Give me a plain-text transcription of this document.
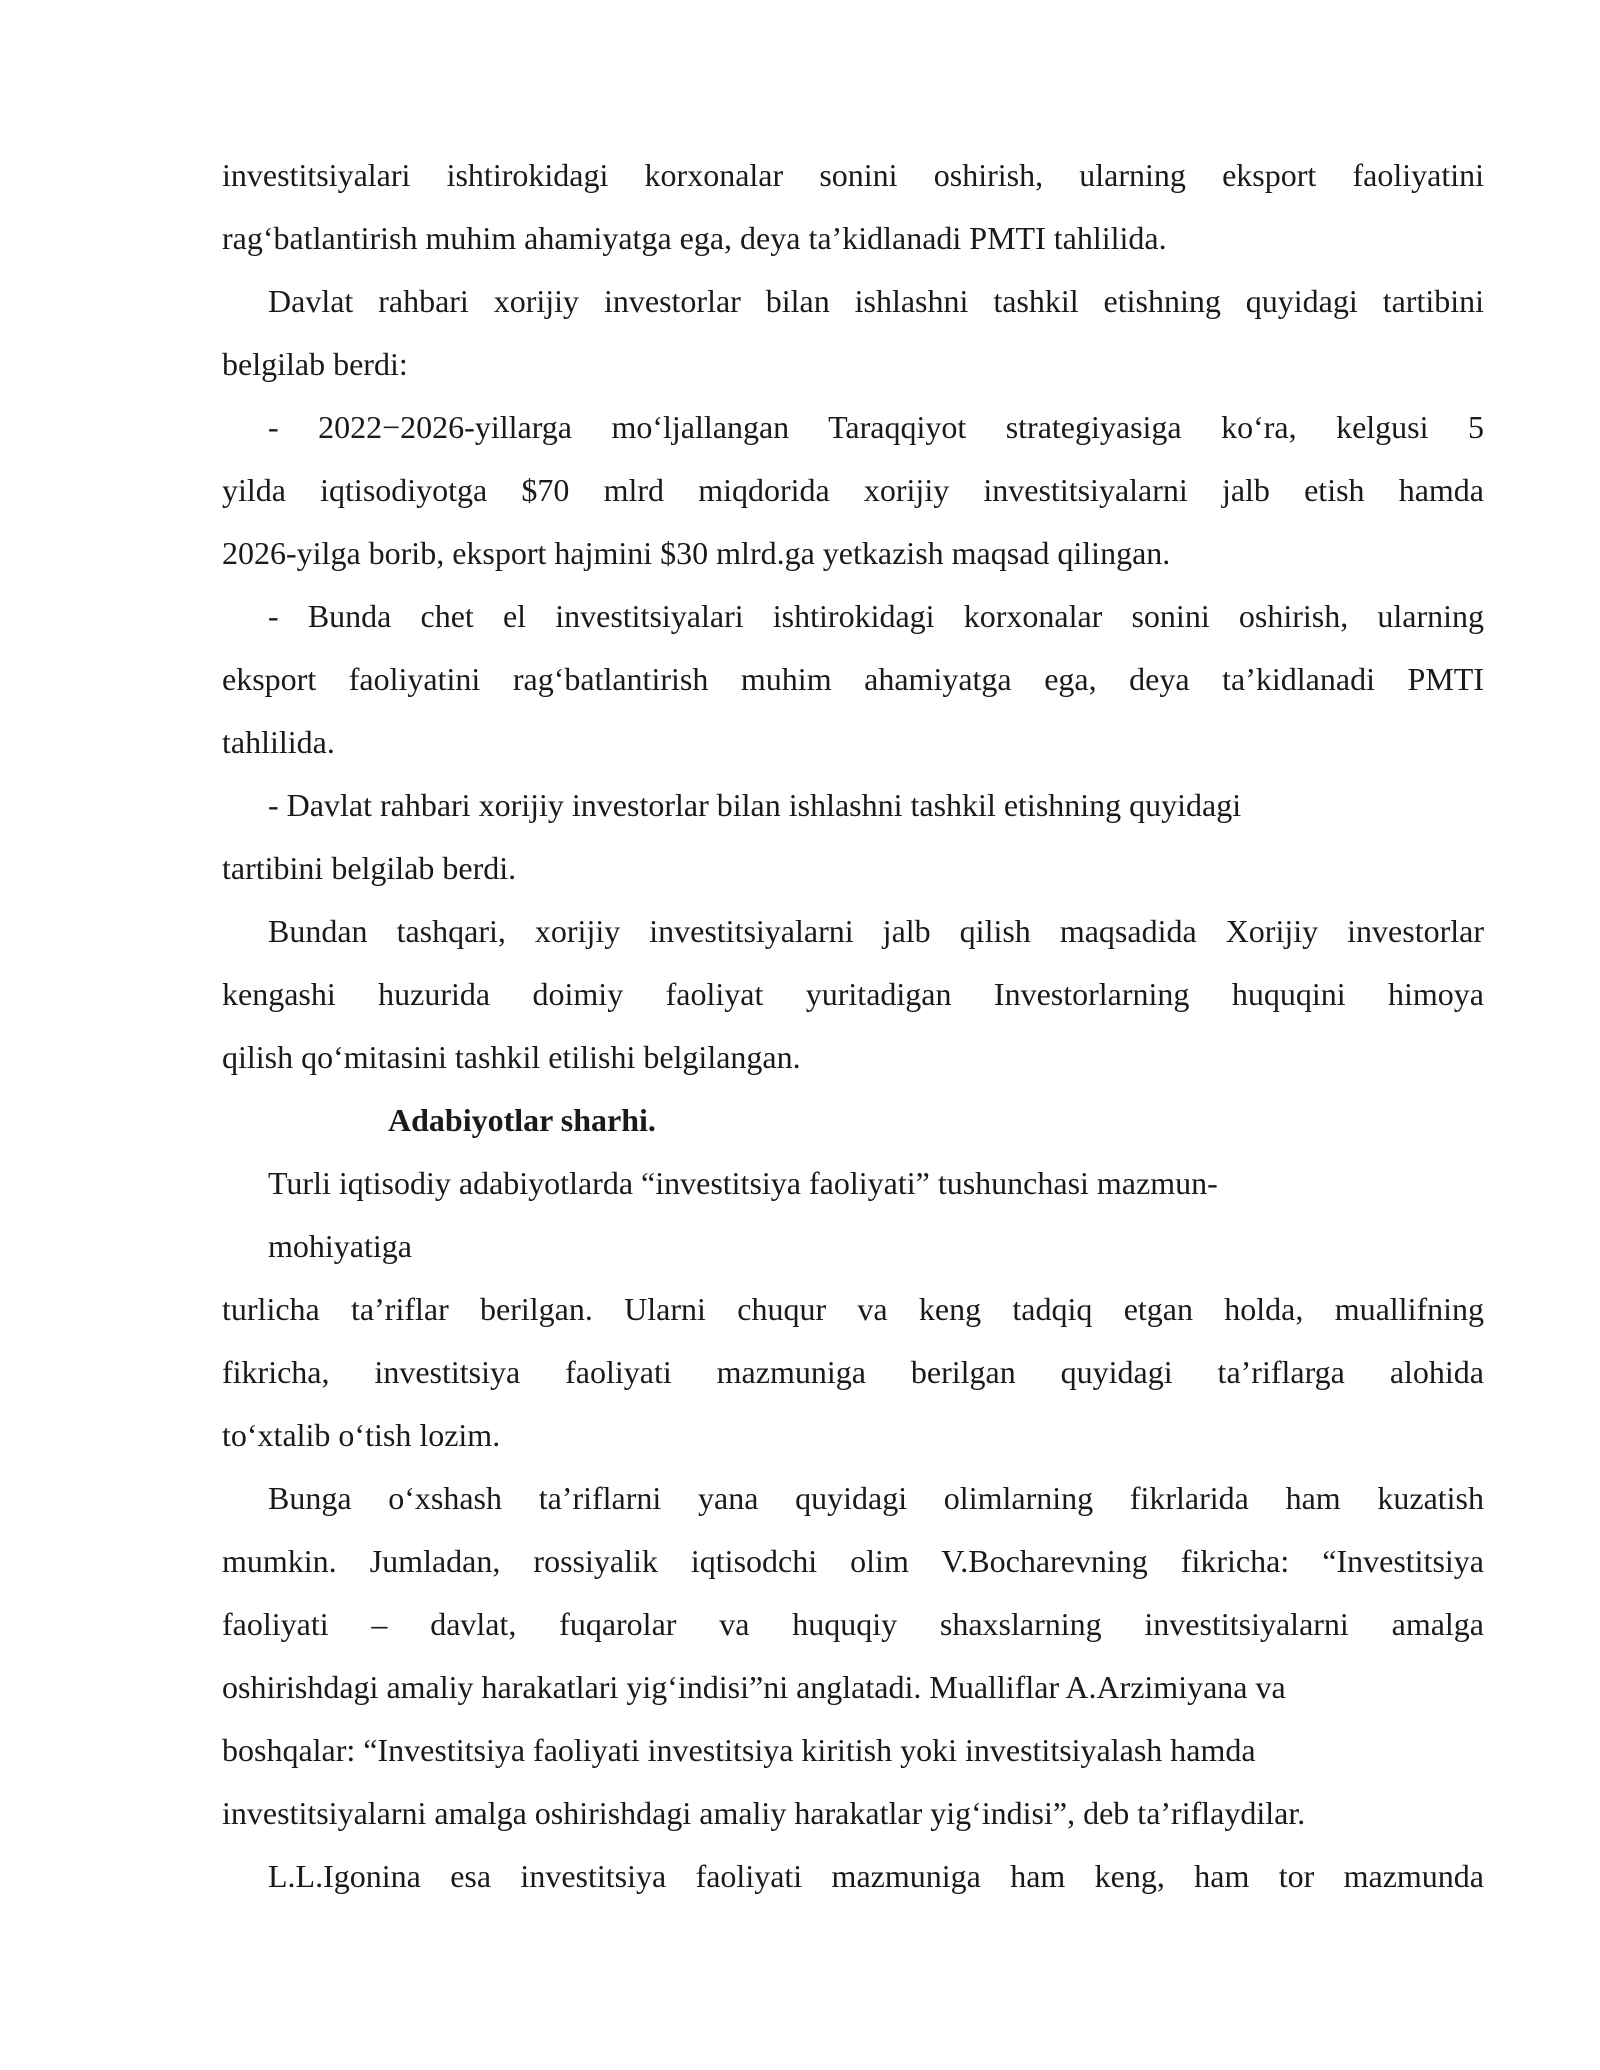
investitsiyalari ishtirokidagi korxonalar sonini oshirish, ularning eksport faoliyatini
rag‘batlantirish muhim ahamiyatga ega, deya ta’kidlanadi PMTI tahlilida.
Davlat rahbari xorijiy investorlar bilan ishlashni tashkil etishning quyidagi tartibini
belgilab berdi:
- 2022−2026-yillarga mo‘ljallangan Taraqqiyot strategiyasiga ko‘ra, kelgusi 5
yilda iqtisodiyotga $70 mlrd miqdorida xorijiy investitsiyalarni jalb etish hamda
2026-yilga borib, eksport hajmini $30 mlrd.ga yetkazish maqsad qilingan.
- Bunda chet el investitsiyalari ishtirokidagi korxonalar sonini oshirish, ularning
eksport faoliyatini rag‘batlantirish muhim ahamiyatga ega, deya ta’kidlanadi PMTI
tahlilida.
- Davlat rahbari xorijiy investorlar bilan ishlashni tashkil etishning quyidagi
tartibini belgilab berdi.
Bundan tashqari, xorijiy investitsiyalarni jalb qilish maqsadida Xorijiy investorlar
kengashi huzurida doimiy faoliyat yuritadigan Investorlarning huquqini himoya
qilish qo‘mitasini tashkil etilishi belgilangan.
Adabiyotlar sharhi.
Turli iqtisodiy adabiyotlarda “investitsiya faoliyati” tushunchasi mazmun-
mohiyatiga
turlicha ta’riflar berilgan. Ularni chuqur va keng tadqiq etgan holda, muallifning
fikricha, investitsiya faoliyati mazmuniga berilgan quyidagi ta’riflarga alohida
to‘xtalib o‘tish lozim.
Bunga o‘xshash ta’riflarni yana quyidagi olimlarning fikrlarida ham kuzatish
mumkin. Jumladan, rossiyalik iqtisodchi olim V.Bocharevning fikricha: “Investitsiya
faoliyati – davlat, fuqarolar va huquqiy shaxslarning investitsiyalarni amalga
oshirishdagi amaliy harakatlari yig‘indisi”ni anglatadi. Mualliflar A.Arzimiyana va
boshqalar: “Investitsiya faoliyati investitsiya kiritish yoki investitsiyalash hamda
investitsiyalarni amalga oshirishdagi amaliy harakatlar yig‘indisi”, deb ta’riflaydilar.
L.L.Igonina esa investitsiya faoliyati mazmuniga ham keng, ham tor mazmunda
